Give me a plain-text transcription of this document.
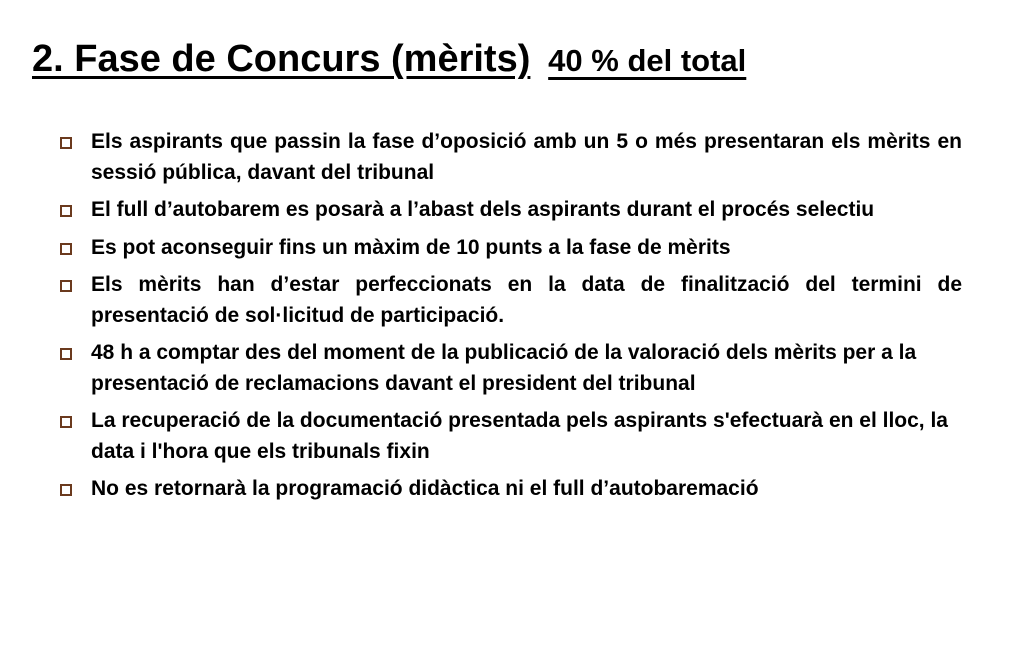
2. Fase de Concurs (mèrits) 40 % del total
Els aspirants que passin la fase d’oposició amb un 5 o més presentaran els mèrits en sessió pública, davant del tribunal
El full d’autobarem es posarà a l’abast dels aspirants durant el procés selectiu
Es pot aconseguir fins un màxim de 10 punts a la fase de mèrits
Els mèrits han d’estar perfeccionats en la data de finalització del termini de presentació de sol·licitud de participació.
48 h a comptar des del moment de la publicació de la valoració dels mèrits per a la presentació de reclamacions davant el president del tribunal
La recuperació de la documentació presentada pels aspirants s'efectuarà en el lloc, la data i l'hora que els tribunals fixin
No es retornarà la programació didàctica ni el full d’autobaremació
